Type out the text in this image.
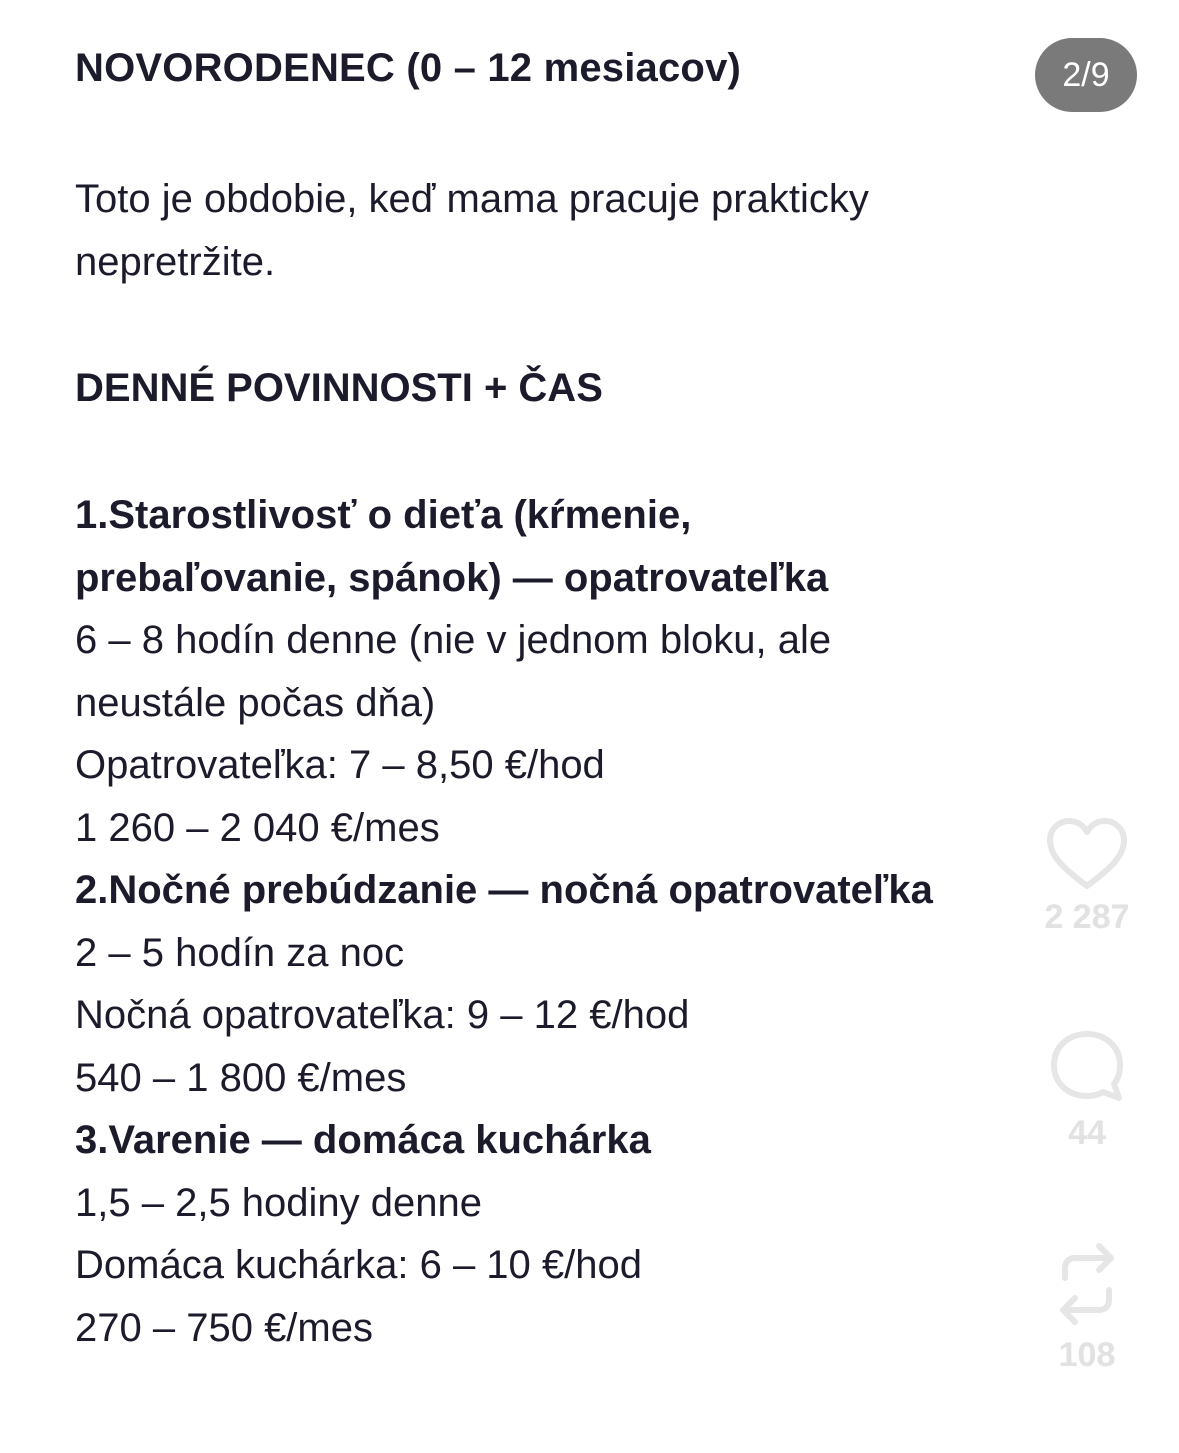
NOVORODENEC (0 – 12 mesiacov)	2/9

Toto je obdobie, keď mama pracuje prakticky nepretržite.

DENNÉ POVINNOSTI + ČAS
1.Starostlivosť o dieťa (kŕmenie,
prebaľovanie, spánok) — opatrovateľka
6 – 8 hodín denne (nie v jednom bloku, ale
neustále počas dňa)
Opatrovateľka: 7 – 8,50 €/hod
1 260 – 2 040 €/mes
2.Nočné prebúdzanie — nočná opatrovateľka
2 – 5 hodín za noc
Nočná opatrovateľka: 9 – 12 €/hod
540 – 1 800 €/mes
3.Varenie — domáca kuchárka
1,5 – 2,5 hodiny denne
Domáca kuchárka: 6 – 10 €/hod
270 – 750 €/mes
2 287
44
108
